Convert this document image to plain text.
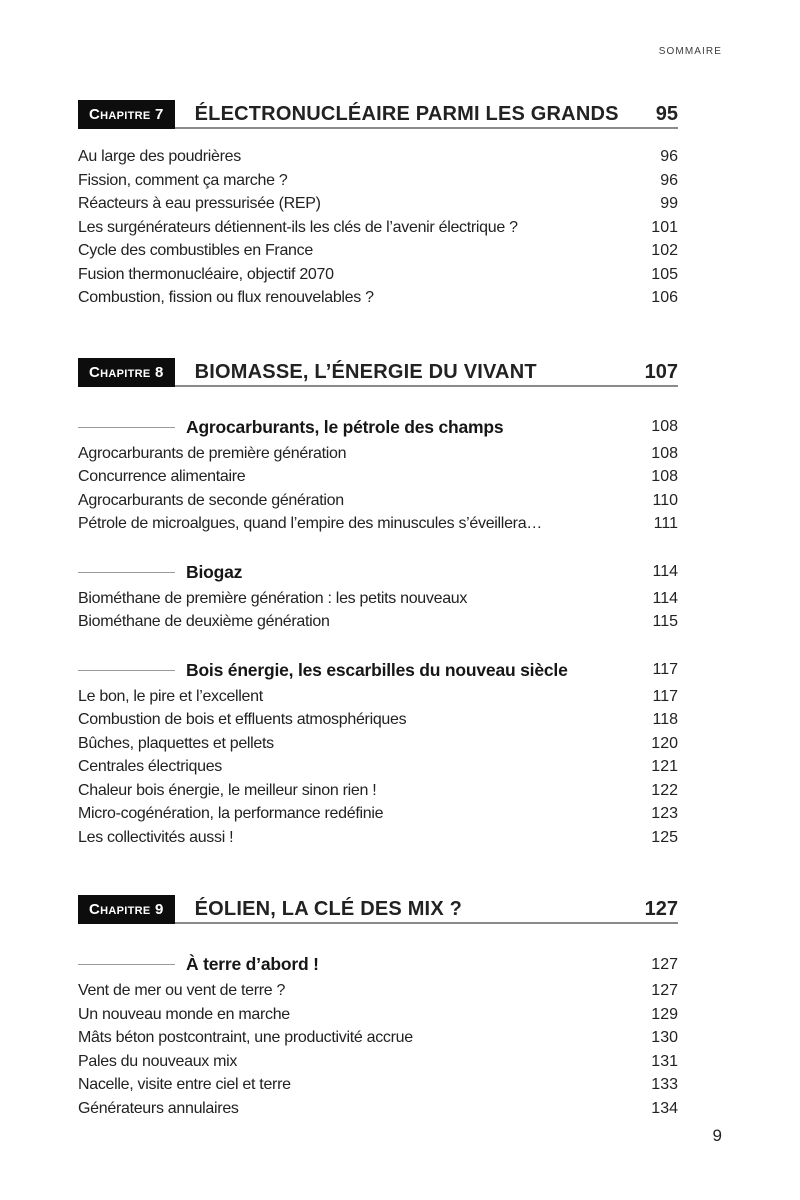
SOMMAIRE
Chapitre 7	ÉLECTRONUCLÉAIRE PARMI LES GRANDS	95
Au large des poudrières	96
Fission, comment ça marche ?	96
Réacteurs à eau pressurisée (REP)	99
Les surgénérateurs détiennent-ils les clés de l’avenir électrique ?	101
Cycle des combustibles en France	102
Fusion thermonucléaire, objectif 2070	105
Combustion, fission ou flux renouvelables ?	106
Chapitre 8	BIOMASSE, L’ÉNERGIE DU VIVANT	107
Agrocarburants, le pétrole des champs	108
Agrocarburants de première génération	108
Concurrence alimentaire	108
Agrocarburants de seconde génération	110
Pétrole de microalgues, quand l’empire des minuscules s’éveillera…	111
Biogaz	114
Biométhane de première génération : les petits nouveaux	114
Biométhane de deuxième génération	115
Bois énergie, les escarbilles du nouveau siècle	117
Le bon, le pire et l’excellent	117
Combustion de bois et effluents atmosphériques	118
Bûches, plaquettes et pellets	120
Centrales électriques	121
Chaleur bois énergie, le meilleur sinon rien !	122
Micro-cogénération, la performance redéfinie	123
Les collectivités aussi !	125
Chapitre 9	ÉOLIEN, LA CLÉ DES MIX ?	127
À terre d’abord !	127
Vent de mer ou vent de terre ?	127
Un nouveau monde en marche	129
Mâts béton postcontraint, une productivité accrue	130
Pales du nouveaux mix	131
Nacelle, visite entre ciel et terre	133
Générateurs annulaires	134
9
